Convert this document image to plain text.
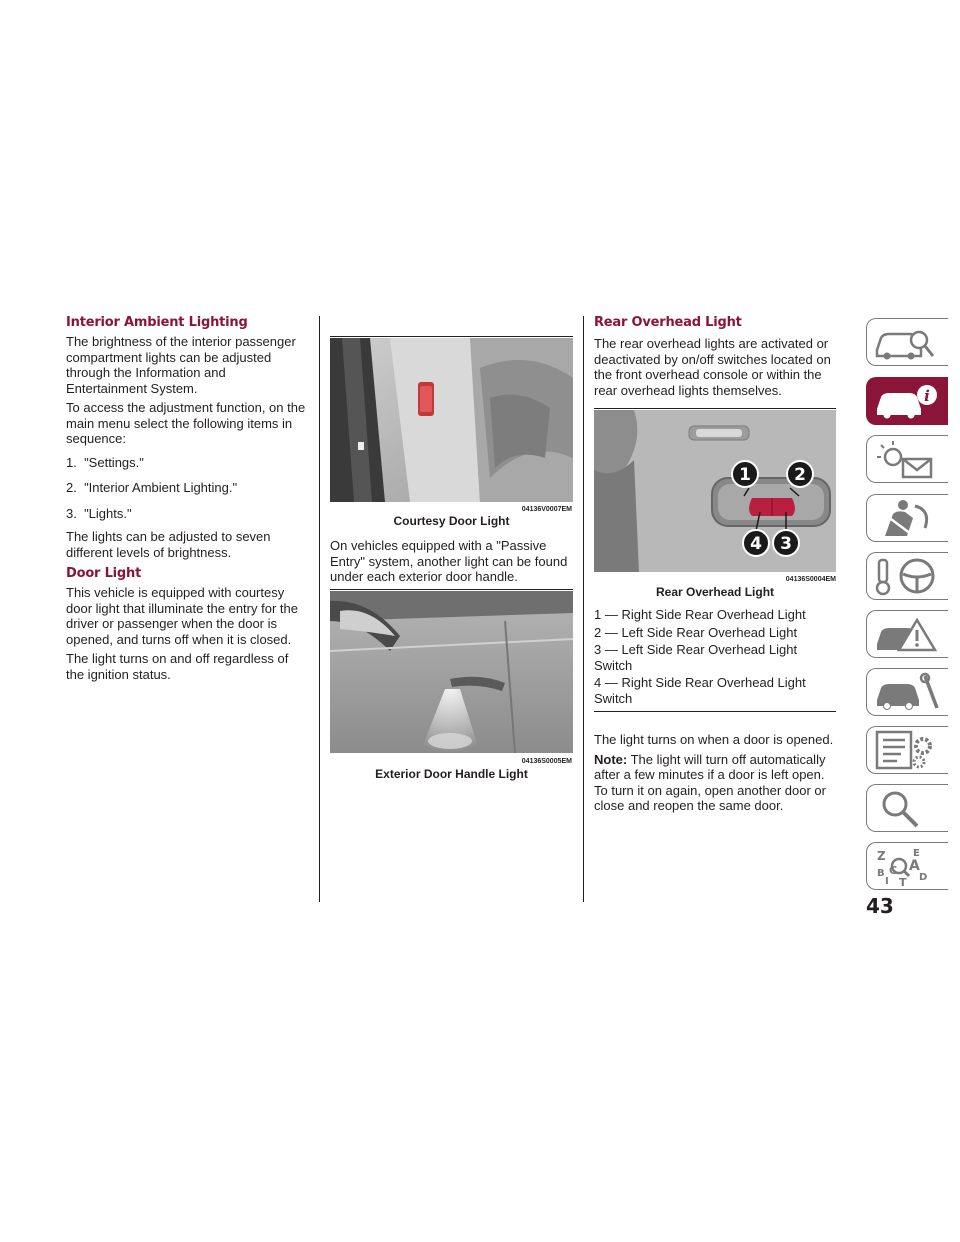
Interior Ambient Lighting

The brightness of the interior passenger compartment lights can be adjusted through the Information and Entertainment System.

To access the adjustment function, on the main menu select the following items in sequence:

1.  "Settings."

2.  "Interior Ambient Lighting."

3.  "Lights."

The lights can be adjusted to seven different levels of brightness.

Door Light

This vehicle is equipped with courtesy door light that illuminate the entry for the driver or passenger when the door is opened, and turns off when it is closed.

The light turns on and off regardless of the ignition status.

04136V0007EM
Courtesy Door Light

On vehicles equipped with a "Passive Entry" system, another light can be found under each exterior door handle.

04136S0005EM
Exterior Door Handle Light
Rear Overhead Light

The rear overhead lights are activated or deactivated by on/off switches located on the front overhead console or within the rear overhead lights themselves.

1	2
4 3
04136S0004EM
Rear Overhead Light

1 — Right Side Rear Overhead Light

2 — Left Side Rear Overhead Light

3 — Left Side Rear Overhead Light Switch

4 — Right Side Rear Overhead Light Switch

The light turns on when a door is opened.

Note: The light will turn off automatically after a few minutes if a door is left open. To turn it on again, open another door or close and reopen the same door.

i
Z	E
B A
C
D
T
I
43
